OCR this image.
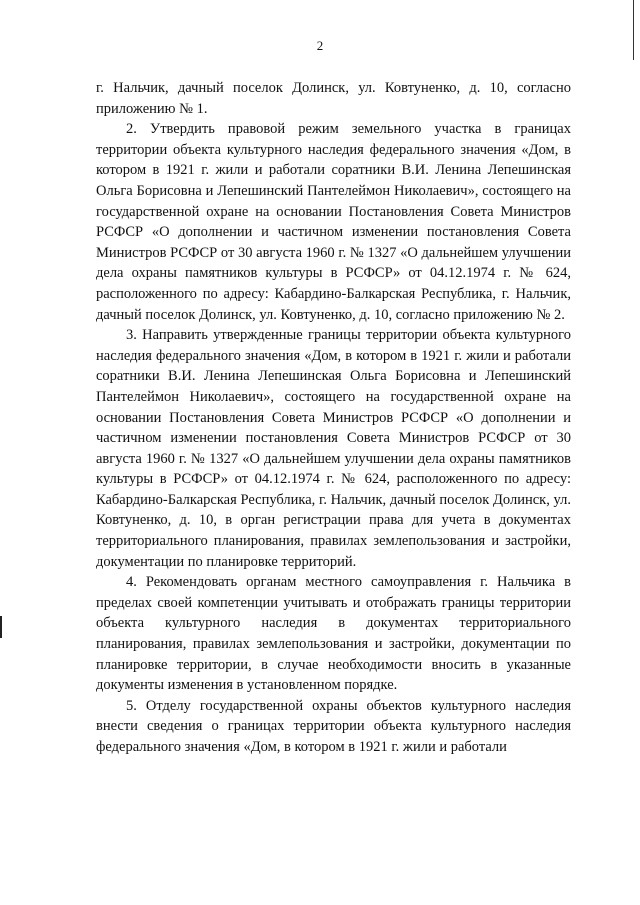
2

г. Нальчик, дачный поселок Долинск, ул. Ковтуненко, д. 10, согласно приложению № 1.

2. Утвердить правовой режим земельного участка в границах территории объекта культурного наследия федерального значения «Дом, в котором в 1921 г. жили и работали соратники В.И. Ленина Лепешинская Ольга Борисовна и Лепешинский Пантелеймон Николаевич», состоящего на государственной охране на основании Постановления Совета Министров РСФСР «О дополнении и частичном изменении постановления Совета Министров РСФСР от 30 августа 1960 г. № 1327 «О дальнейшем улучшении дела охраны памятников культуры в РСФСР» от 04.12.1974 г. № 624, расположенного по адресу: Кабардино-Балкарская Республика, г. Нальчик, дачный поселок Долинск, ул. Ковтуненко, д. 10, согласно приложению № 2.

3. Направить утвержденные границы территории объекта культурного наследия федерального значения «Дом, в котором в 1921 г. жили и работали соратники В.И. Ленина Лепешинская Ольга Борисовна и Лепешинский Пантелеймон Николаевич», состоящего на государственной охране на основании Постановления Совета Министров РСФСР «О дополнении и частичном изменении постановления Совета Министров РСФСР от 30 августа 1960 г. № 1327 «О дальнейшем улучшении дела охраны памятников культуры в РСФСР» от 04.12.1974 г. № 624, расположенного по адресу: Кабардино-Балкарская Республика, г. Нальчик, дачный поселок Долинск, ул. Ковтуненко, д. 10, в орган регистрации права для учета в документах территориального планирования, правилах землепользования и застройки, документации по планировке территорий.

4. Рекомендовать органам местного самоуправления г. Нальчика в пределах своей компетенции учитывать и отображать границы территории объекта культурного наследия в документах территориального планирования, правилах землепользования и застройки, документации по планировке территории, в случае необходимости вносить в указанные документы изменения в установленном порядке.

5. Отделу государственной охраны объектов культурного наследия внести сведения о границах территории объекта культурного наследия федерального значения «Дом, в котором в 1921 г. жили и работали
